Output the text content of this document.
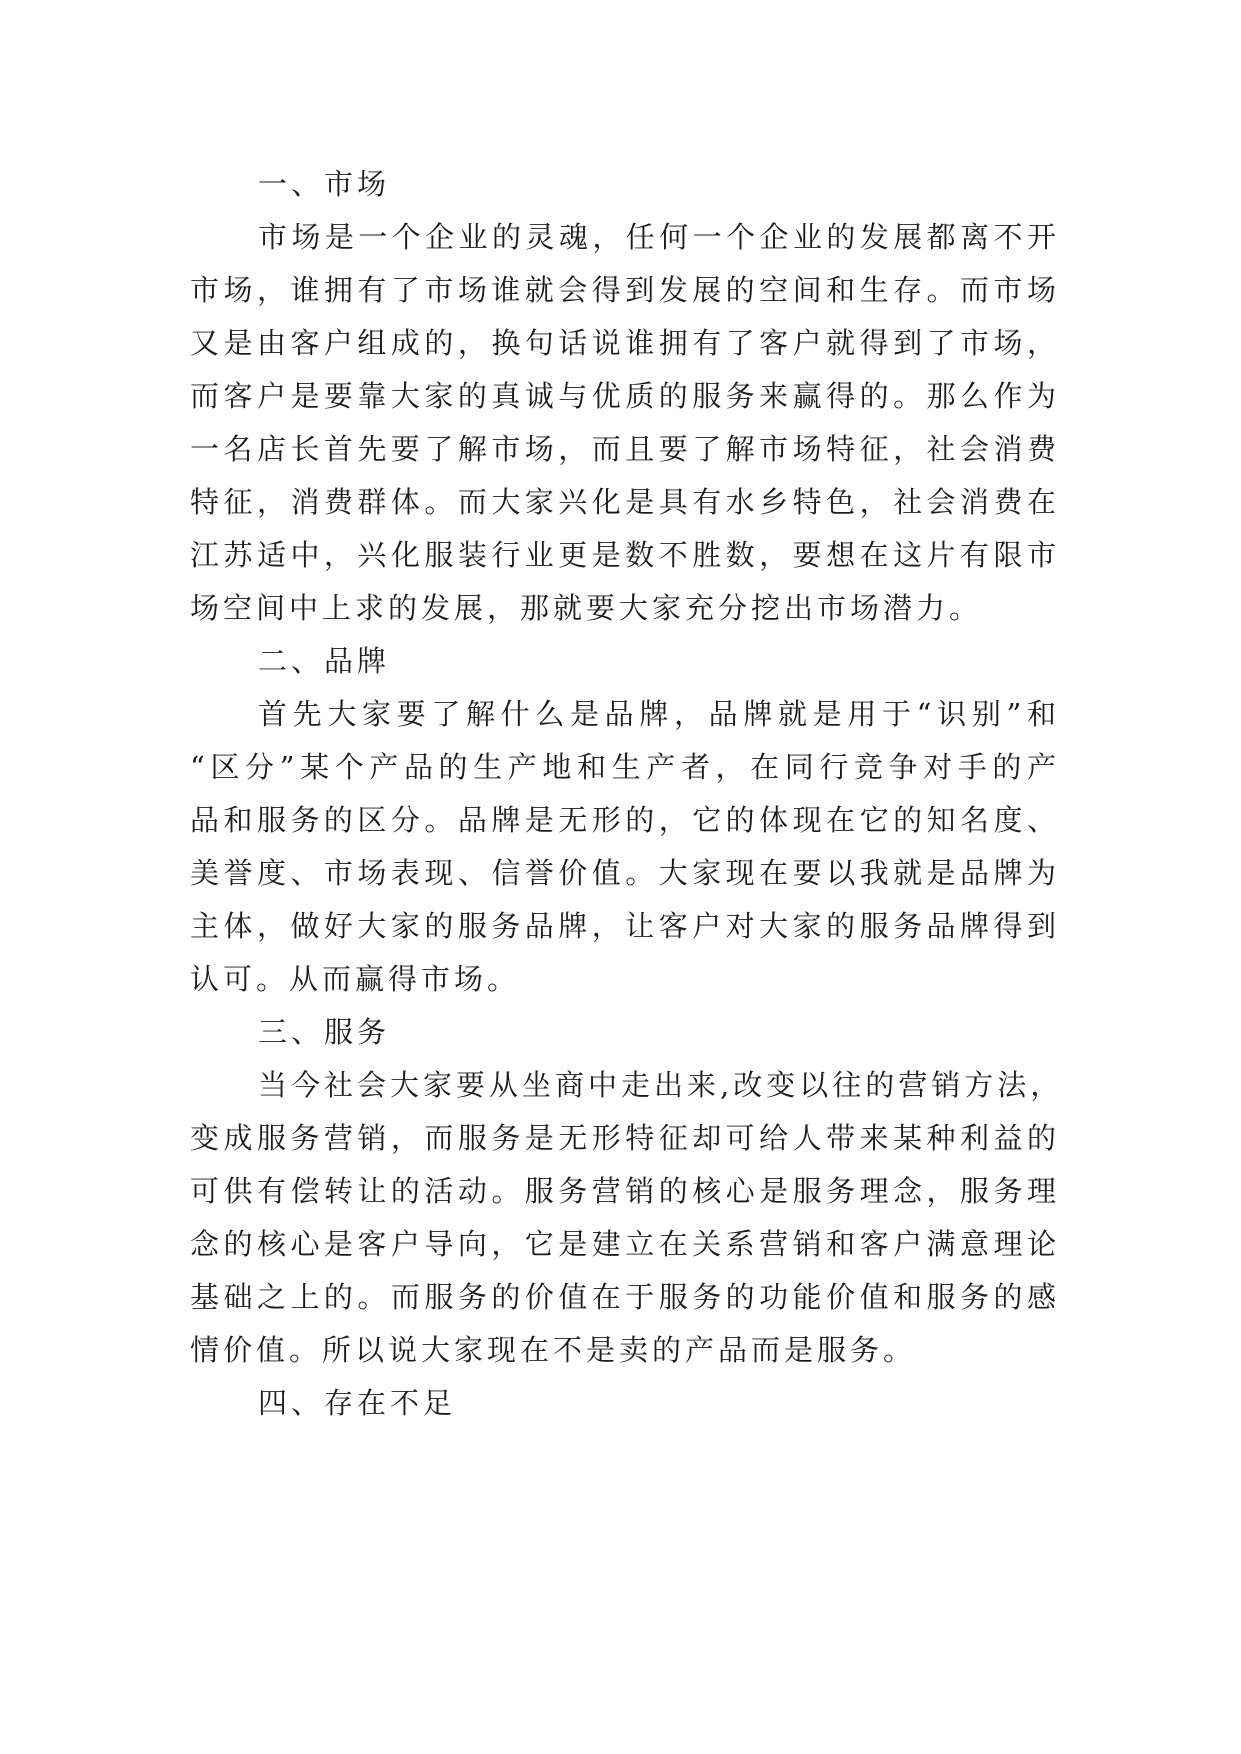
一、市场
市场是一个企业的灵魂，任何一个企业的发展都离不开
市场，谁拥有了市场谁就会得到发展的空间和生存。而市场
又是由客户组成的，换句话说谁拥有了客户就得到了市场，
而客户是要靠大家的真诚与优质的服务来赢得的。那么作为
一名店长首先要了解市场，而且要了解市场特征，社会消费
特征，消费群体。而大家兴化是具有水乡特色，社会消费在
江苏适中，兴化服装行业更是数不胜数，要想在这片有限市
场空间中上求的发展，那就要大家充分挖出市场潜力。
二、品牌
首先大家要了解什么是品牌，品牌就是用于“识别”和
“区分”某个产品的生产地和生产者，在同行竞争对手的产
品和服务的区分。品牌是无形的，它的体现在它的知名度、
美誉度、市场表现、信誉价值。大家现在要以我就是品牌为
主体，做好大家的服务品牌，让客户对大家的服务品牌得到
认可。从而赢得市场。
三、服务
当今社会大家要从坐商中走出来,改变以往的营销方法，
变成服务营销，而服务是无形特征却可给人带来某种利益的
可供有偿转让的活动。服务营销的核心是服务理念，服务理
念的核心是客户导向，它是建立在关系营销和客户满意理论
基础之上的。而服务的价值在于服务的功能价值和服务的感
情价值。所以说大家现在不是卖的产品而是服务。
四、存在不足
